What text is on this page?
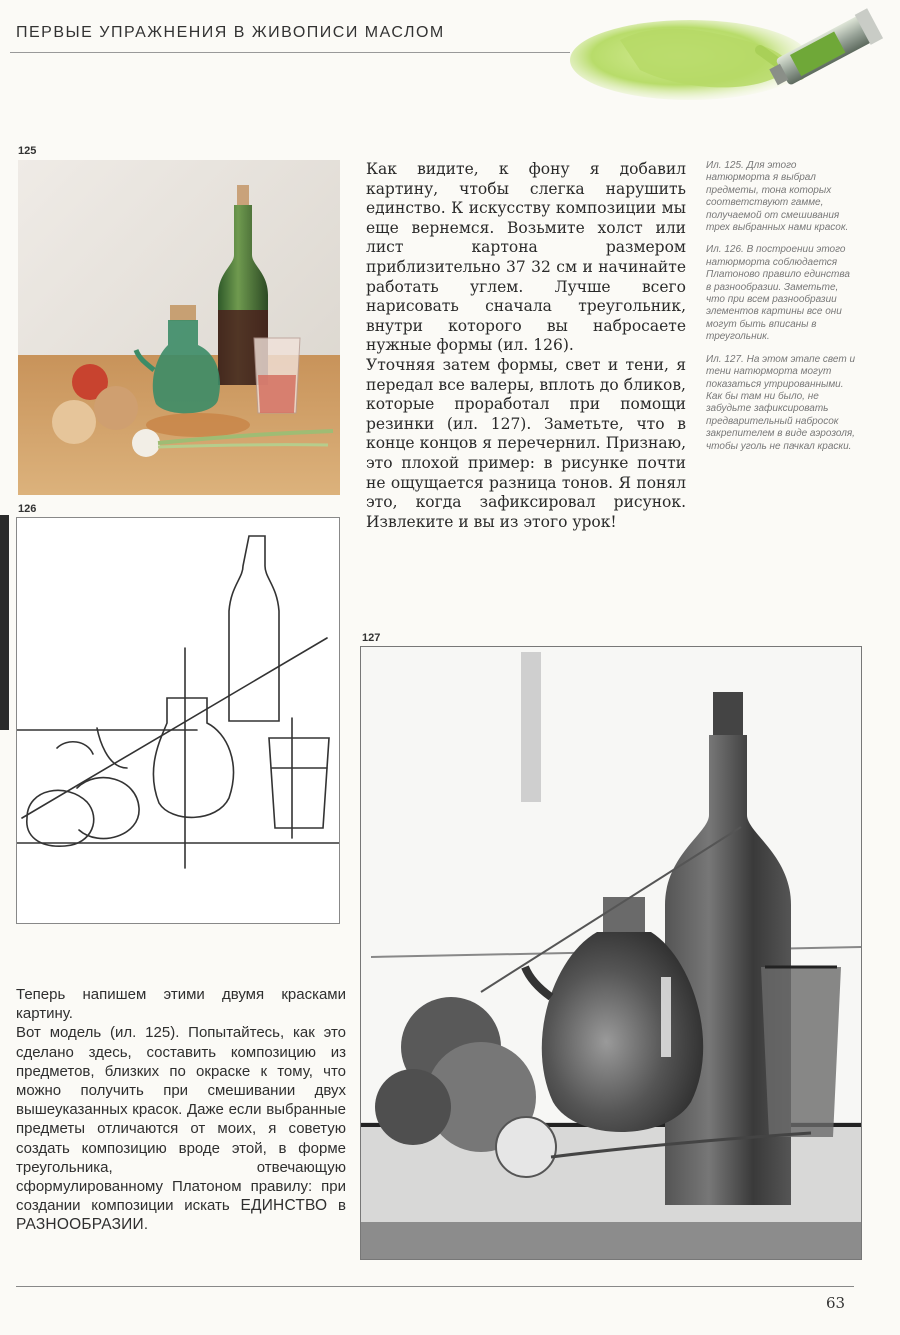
ПЕРВЫЕ УПРАЖНЕНИЯ В ЖИВОПИСИ МАСЛОМ
125
126

Как видите, к фону я добавил картину, чтобы слегка нарушить единство. К искусству композиции мы еще вернемся. Возьмите холст или лист картона размером приблизительно 37 32 см и начинайте работать углем. Лучше всего нарисовать сначала треугольник, внутри которого вы набросаете нужные формы (ил. 126).

Уточняя затем формы, свет и тени, я передал все валеры, вплоть до бликов, которые проработал при помощи резинки (ил. 127). Заметьте, что в конце концов я перечернил. Признаю, это плохой пример: в рисунке почти не ощущается разница тонов. Я понял это, когда зафиксировал рисунок. Извлеките и вы из этого урок!

Ил. 125. Для этого натюрморта я выбрал предметы, тона которых соответствуют гамме, получаемой от смешивания трех выбранных нами красок.

Ил. 126. В построении этого натюрморта соблюдается Платоново правило единства в разнообразии. Заметьте, что при всем разнообразии элементов картины все они могут быть вписаны в треугольник.

Ил. 127. На этом этапе свет и тени натюрморта могут показаться утрированными. Как бы там ни было, не забудьте зафиксировать предварительный набросок закрепителем в виде аэрозоля, чтобы уголь не пачкал краски.

127

Теперь напишем этими двумя красками картину.

Вот модель (ил. 125). Попытайтесь, как это сделано здесь, составить композицию из предметов, близких по окраске к тому, что можно получить при смешивании двух вышеуказанных красок. Даже если выбранные предметы отличаются от моих, я советую создать композицию вроде этой, в форме треугольника, отвечающую сформулированному Платоном правилу: при создании композиции искать ЕДИНСТВО в РАЗНООБРАЗИИ.

63
